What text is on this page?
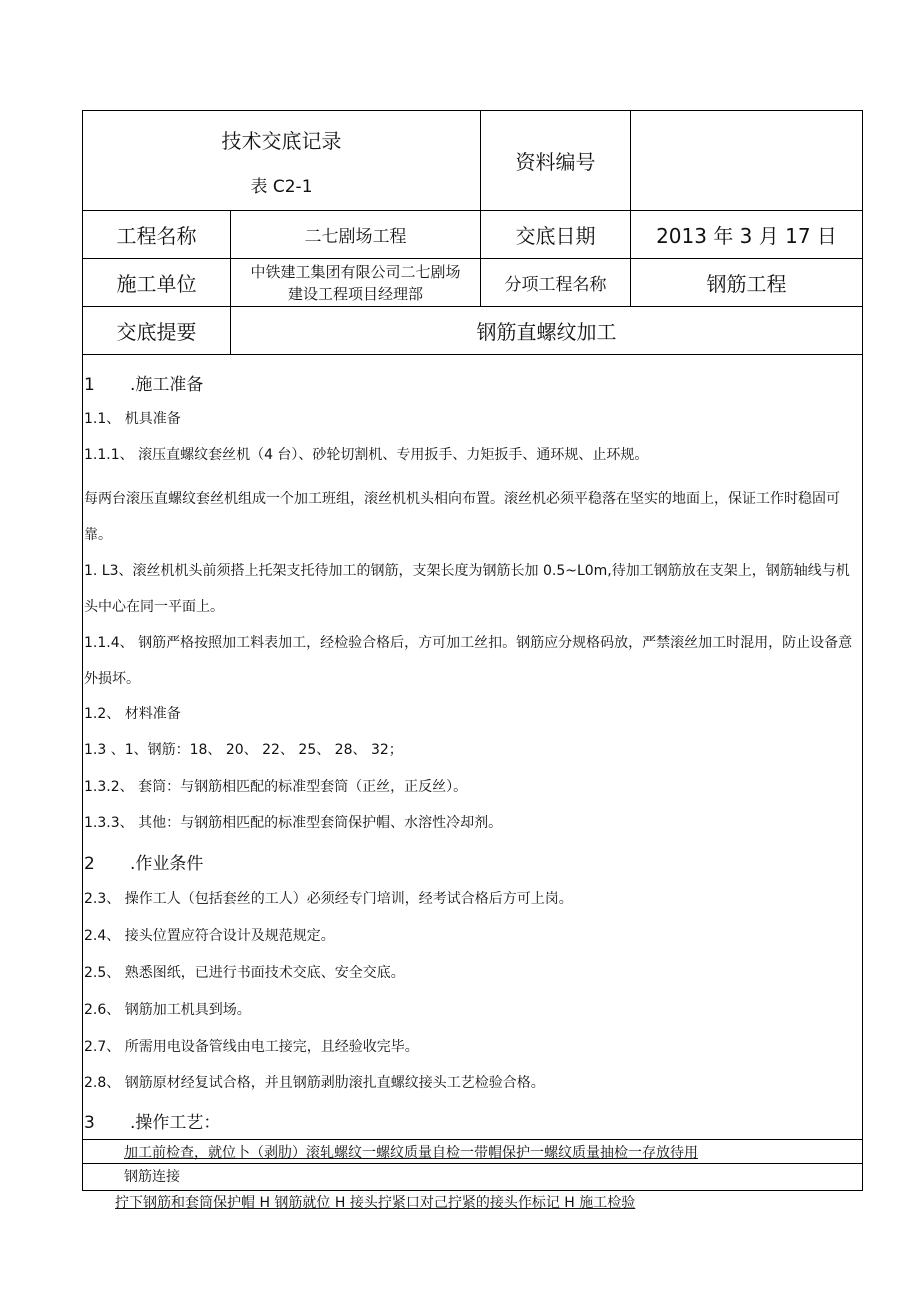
技术交底记录
表 C2-1		资料编号	
工程名称	二七剧场工程	交底日期	2013 年 3 月 17 日
施工单位	中铁建工集团有限公司二七剧场
建设工程项目经理部	分项工程名称	钢筋工程
交底提要	钢筋直螺纹加工		
1 .施工准备
1.1、 机具准备
1.1.1、 滚压直螺纹套丝机（4 台）、砂轮切割机、专用扳手、力矩扳手、通环规、止环规。
每两台滚压直螺纹套丝机组成一个加工班组，滚丝机机头相向布置。滚丝机必须平稳落在坚实的地面上，保证工作时稳固可靠。
1. L3、滚丝机机头前须搭上托架支托待加工的钢筋，支架长度为钢筋长加 0.5~L0m,待加工钢筋放在支架上，钢筋轴线与机头中心在同一平面上。
1.1.4、 钢筋严格按照加工料表加工，经检验合格后，方可加工丝扣。钢筋应分规格码放，严禁滚丝加工时混用，防止设备意外损坏。
1.2、 材料准备
1.3 、1、钢筋：18、 20、 22、 25、 28、 32；
1.3.2、 套筒：与钢筋相匹配的标准型套筒（正丝，正反丝）。
1.3.3、 其他：与钢筋相匹配的标准型套筒保护帽、水溶性冷却剂。
2 .作业条件
2.3、 操作工人（包括套丝的工人）必须经专门培训，经考试合格后方可上岗。
2.4、 接头位置应符合设计及规范规定。
2.5、 熟悉图纸，已进行书面技术交底、安全交底。
2.6、 钢筋加工机具到场。
2.7、 所需用电设备管线由电工接完，且经验收完毕。
2.8、 钢筋原材经复试合格，并且钢筋剥肋滚扎直螺纹接头工艺检验合格。
3 .操作工艺：
加工前检查，就位卜（剥肋）滚轧螺纹一螺纹质量自检一带帽保护一螺纹质量抽检一存放待用
钢筋连接
拧下钢筋和套筒保护帽 H 钢筋就位 H 接头拧紧口对己拧紧的接头作标记 H 施工检验
